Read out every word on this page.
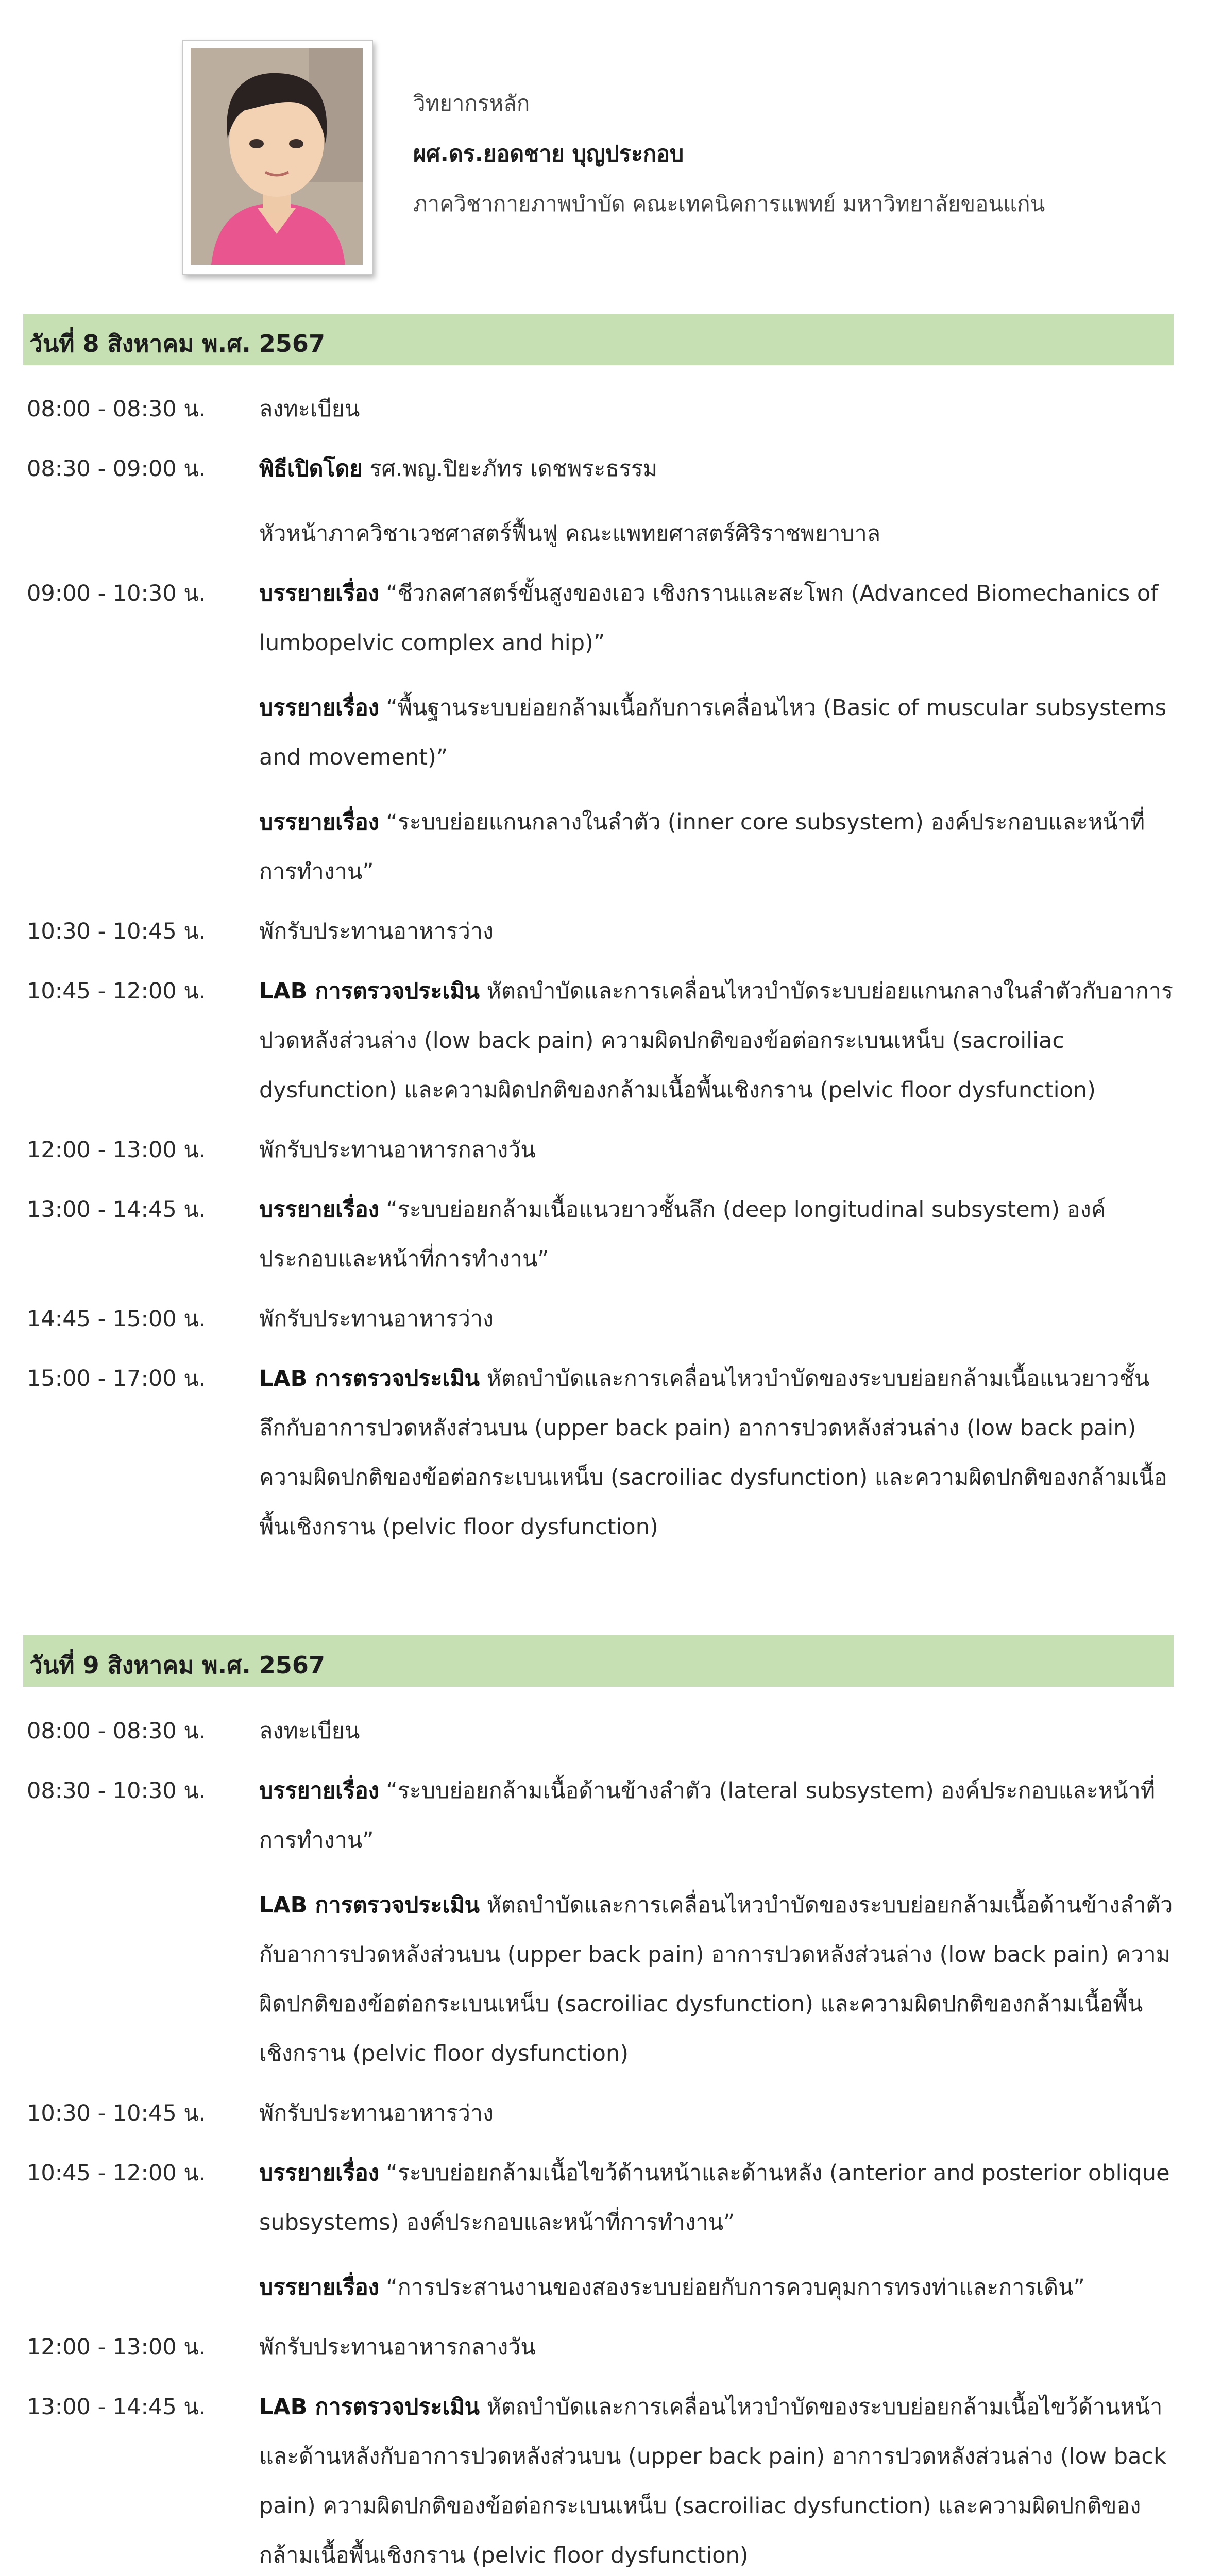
วิทยากรหลัก
ผศ.ดร.ยอดชาย บุญประกอบ
ภาควิชากายภาพบำบัด คณะเทคนิคการแพทย์ มหาวิทยาลัยขอนแก่น
วันที่ 8 สิงหาคม พ.ศ. 2567
08:00 - 08:30 น. ลงทะเบียน

08:30 - 09:00 น. พิธีเปิดโดย รศ.พญ.ปิยะภัทร เดชพระธรรม

หัวหน้าภาควิชาเวชศาสตร์ฟื้นฟู คณะแพทยศาสตร์ศิริราชพยาบาล

09:00 - 10:30 น. บรรยายเรื่อง “ชีวกลศาสตร์ขั้นสูงของเอว เชิงกรานและสะโพก (Advanced Biomechanics of lumbopelvic complex and hip)”

บรรยายเรื่อง “พื้นฐานระบบย่อยกล้ามเนื้อกับการเคลื่อนไหว (Basic of muscular subsystems and movement)”

บรรยายเรื่อง “ระบบย่อยแกนกลางในลำตัว (inner core subsystem) องค์ประกอบและหน้าที่การทำงาน”

10:30 - 10:45 น. พักรับประทานอาหารว่าง

10:45 - 12:00 น. LAB การตรวจประเมิน หัตถบำบัดและการเคลื่อนไหวบำบัดระบบย่อยแกนกลางในลำตัวกับอาการปวดหลังส่วนล่าง (low back pain) ความผิดปกติของข้อต่อกระเบนเหน็บ (sacroiliac dysfunction) และความผิดปกติของกล้ามเนื้อพื้นเชิงกราน (pelvic floor dysfunction)

12:00 - 13:00 น. พักรับประทานอาหารกลางวัน

13:00 - 14:45 น. บรรยายเรื่อง “ระบบย่อยกล้ามเนื้อแนวยาวชั้นลึก (deep longitudinal subsystem) องค์ประกอบและหน้าที่การทำงาน”

14:45 - 15:00 น. พักรับประทานอาหารว่าง

15:00 - 17:00 น. LAB การตรวจประเมิน หัตถบำบัดและการเคลื่อนไหวบำบัดของระบบย่อยกล้ามเนื้อแนวยาวชั้นลึกกับอาการปวดหลังส่วนบน (upper back pain) อาการปวดหลังส่วนล่าง (low back pain) ความผิดปกติของข้อต่อกระเบนเหน็บ (sacroiliac dysfunction) และความผิดปกติของกล้ามเนื้อพื้นเชิงกราน (pelvic floor dysfunction)

วันที่ 9 สิงหาคม พ.ศ. 2567
08:00 - 08:30 น. ลงทะเบียน

08:30 - 10:30 น. บรรยายเรื่อง “ระบบย่อยกล้ามเนื้อด้านข้างลำตัว (lateral subsystem) องค์ประกอบและหน้าที่การทำงาน”

LAB การตรวจประเมิน หัตถบำบัดและการเคลื่อนไหวบำบัดของระบบย่อยกล้ามเนื้อด้านข้างลำตัวกับอาการปวดหลังส่วนบน (upper back pain) อาการปวดหลังส่วนล่าง (low back pain) ความผิดปกติของข้อต่อกระเบนเหน็บ (sacroiliac dysfunction) และความผิดปกติของกล้ามเนื้อพื้นเชิงกราน (pelvic floor dysfunction)

10:30 - 10:45 น. พักรับประทานอาหารว่าง

10:45 - 12:00 น. บรรยายเรื่อง “ระบบย่อยกล้ามเนื้อไขว้ด้านหน้าและด้านหลัง (anterior and posterior oblique subsystems) องค์ประกอบและหน้าที่การทำงาน”

บรรยายเรื่อง “การประสานงานของสองระบบย่อยกับการควบคุมการทรงท่าและการเดิน”

12:00 - 13:00 น. พักรับประทานอาหารกลางวัน

13:00 - 14:45 น. LAB การตรวจประเมิน หัตถบำบัดและการเคลื่อนไหวบำบัดของระบบย่อยกล้ามเนื้อไขว้ด้านหน้าและด้านหลังกับอาการปวดหลังส่วนบน (upper back pain) อาการปวดหลังส่วนล่าง (low back pain) ความผิดปกติของข้อต่อกระเบนเหน็บ (sacroiliac dysfunction) และความผิดปกติของกล้ามเนื้อพื้นเชิงกราน (pelvic floor dysfunction)
